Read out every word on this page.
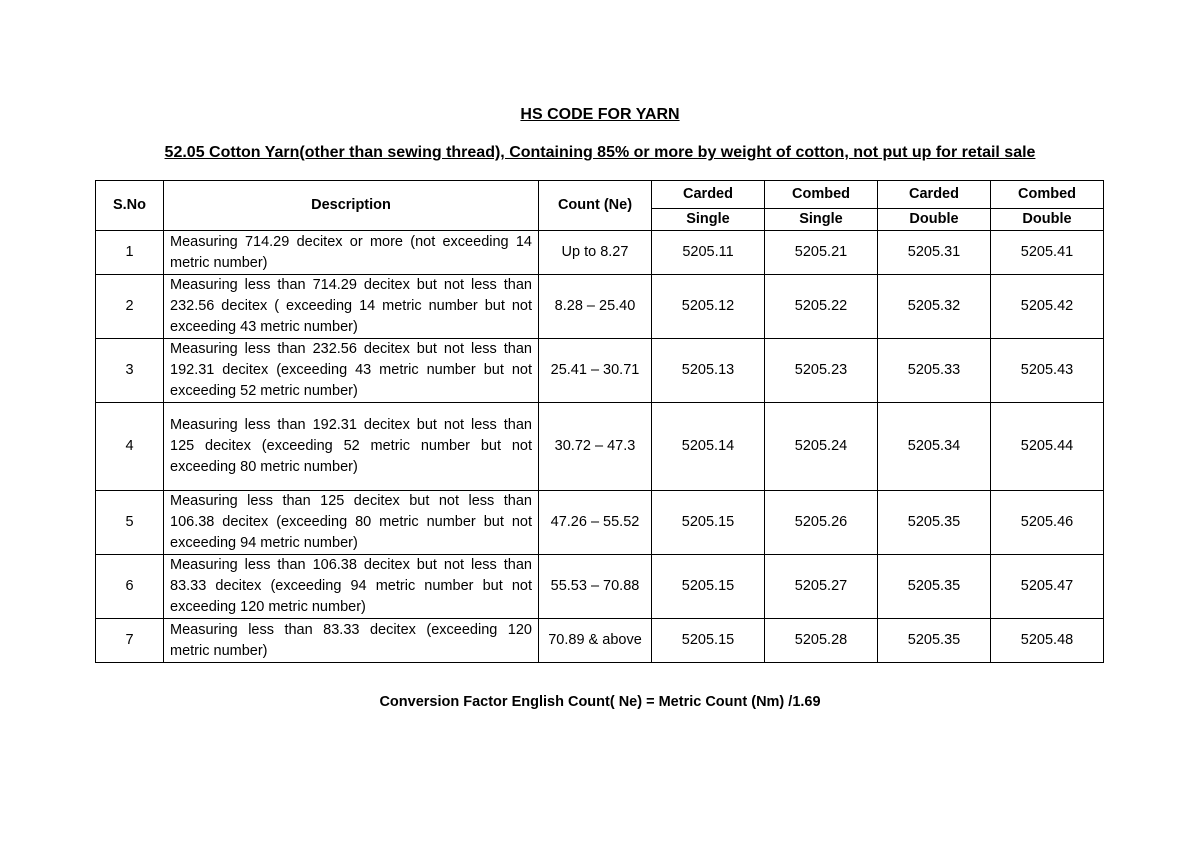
HS CODE FOR YARN
52.05 Cotton Yarn(other than sewing thread), Containing 85% or more by weight of cotton, not put up for retail sale
S.No	Description	Count (Ne)	Carded	Combed	Carded	Combed
			Single	Single	Double	Double
1	Measuring 714.29 decitex or more (not exceeding 14 metric number)	Up to 8.27	5205.11	5205.21	5205.31	5205.41
2	Measuring less than 714.29 decitex but not less than 232.56 decitex ( exceeding 14 metric number but not exceeding 43 metric number)	8.28 – 25.40	5205.12	5205.22	5205.32	5205.42
3	Measuring less than 232.56 decitex but not less than 192.31 decitex (exceeding 43 metric number but not exceeding 52 metric number)	25.41 – 30.71	5205.13	5205.23	5205.33	5205.43
4	Measuring less than 192.31 decitex but not less than 125 decitex (exceeding 52 metric number but not exceeding 80 metric number)	30.72 – 47.3	5205.14	5205.24	5205.34	5205.44
5	Measuring less than 125 decitex but not less than 106.38 decitex (exceeding 80 metric number but not exceeding 94 metric number)	47.26 – 55.52	5205.15	5205.26	5205.35	5205.46
6	Measuring less than 106.38 decitex but not less than 83.33 decitex (exceeding 94 metric number but not exceeding 120 metric number)	55.53 – 70.88	5205.15	5205.27	5205.35	5205.47
7	Measuring less than 83.33 decitex (exceeding 120 metric number)	70.89 & above	5205.15	5205.28	5205.35	5205.48
Conversion Factor English Count( Ne) = Metric Count (Nm) /1.69
